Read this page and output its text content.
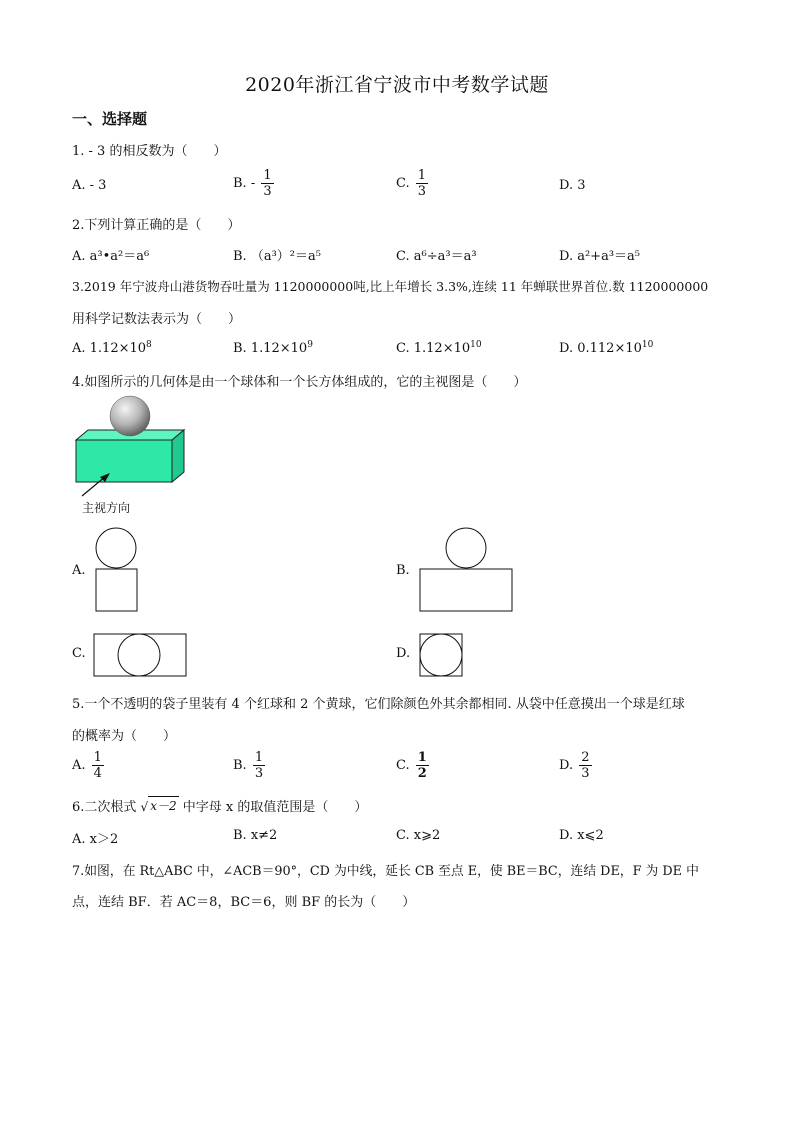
2020年浙江省宁波市中考数学试题
一、选择题
1. - 3 的相反数为（　　）
A. - 3	B. - $\frac{1}{3}$	C. $\frac{1}{3}$	D. 3
2.下列计算正确的是（　　）
A. a³•a²＝a⁶	B. （a³）²＝a⁵	C. a⁶÷a³＝a³	D. a²+a³＝a⁵
3.2019 年宁波舟山港货物吞吐量为 1120000000吨,比上年增长 3.3%,连续 11 年蝉联世界首位.数 1120000000
用科学记数法表示为（　　）
A. $1.12\times 10^8$	B. $1.12\times 10^9$	C. $1.12\times 10^{10}$	D. $0.112\times 10^{10}$
4.如图所示的几何体是由一个球体和一个长方体组成的，它的主视图是（　　）
主视方向
A.	B.
C.	D.
5.一个不透明的袋子里装有 4 个红球和 2 个黄球，它们除颜色外其余都相同. 从袋中任意摸出一个球是红球
的概率为（　　）
A. $\frac{1}{4}$	B. $\frac{1}{3}$	C. $\frac{1}{2}$	D. $\frac{2}{3}$
6.二次根式 √ x－2 中字母 x 的取值范围是（　　）
A. x＞2	B. x≠2	C. x⩾2	D. x⩽2
7.如图，在 Rt△ABC 中，∠ACB＝90°，CD 为中线，延长 CB 至点 E，使 BE＝BC，连结 DE，F 为 DE 中
点，连结 BF．若 AC＝8，BC＝6，则 BF 的长为（　　）
